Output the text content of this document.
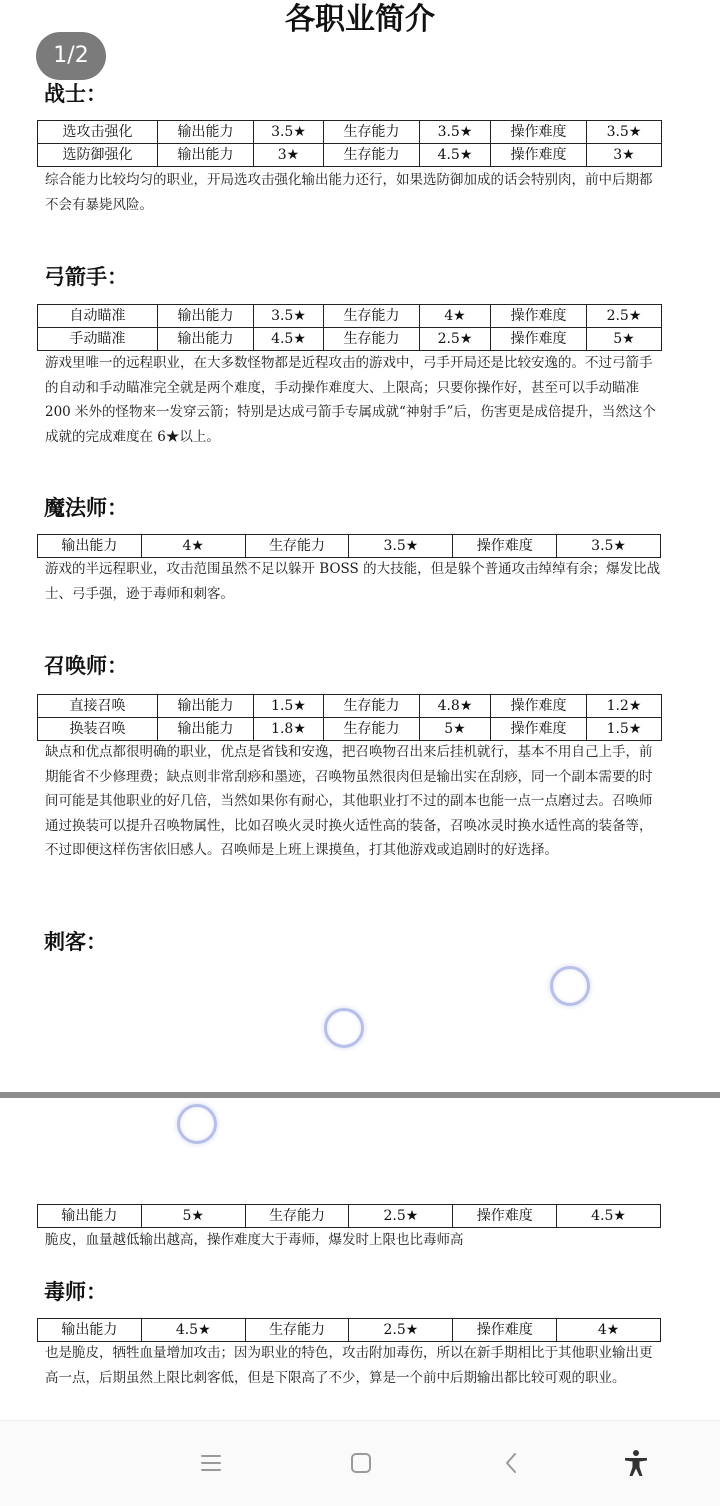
各职业简介
战士：
选攻击强化	输出能力	3.5★	生存能力	3.5★	操作难度	3.5★
选防御强化	输出能力	3★	生存能力	4.5★	操作难度	3★
综合能力比较均匀的职业，开局选攻击强化输出能力还行，如果选防御加成的话会特别肉，前中后期都不会有暴毙风险。
弓箭手：
自动瞄准	输出能力	3.5★	生存能力	4★	操作难度	2.5★
手动瞄准	输出能力	4.5★	生存能力	2.5★	操作难度	5★
游戏里唯一的远程职业，在大多数怪物都是近程攻击的游戏中，弓手开局还是比较安逸的。不过弓箭手的自动和手动瞄准完全就是两个难度，手动操作难度大、上限高；只要你操作好，甚至可以手动瞄准 200 米外的怪物来一发穿云箭；特别是达成弓箭手专属成就“神射手”后，伤害更是成倍提升，当然这个成就的完成难度在 6★以上。
魔法师：
输出能力	4★	生存能力	3.5★	操作难度	3.5★
游戏的半远程职业，攻击范围虽然不足以躲开 BOSS 的大技能，但是躲个普通攻击绰绰有余；爆发比战士、弓手强，逊于毒师和刺客。
召唤师：
直接召唤	输出能力	1.5★	生存能力	4.8★	操作难度	1.2★
换装召唤	输出能力	1.8★	生存能力	5★	操作难度	1.5★
缺点和优点都很明确的职业，优点是省钱和安逸，把召唤物召出来后挂机就行，基本不用自己上手，前期能省不少修理费；缺点则非常刮痧和墨迹，召唤物虽然很肉但是输出实在刮痧，同一个副本需要的时间可能是其他职业的好几倍，当然如果你有耐心，其他职业打不过的副本也能一点一点磨过去。召唤师通过换装可以提升召唤物属性，比如召唤火灵时换火适性高的装备，召唤冰灵时换水适性高的装备等，不过即便这样伤害依旧感人。召唤师是上班上课摸鱼，打其他游戏或追剧时的好选择。
刺客：
输出能力	5★	生存能力	2.5★	操作难度	4.5★
脆皮，血量越低输出越高，操作难度大于毒师，爆发时上限也比毒师高
毒师：
输出能力	4.5★	生存能力	2.5★	操作难度	4★
也是脆皮，牺牲血量增加攻击；因为职业的特色，攻击附加毒伤，所以在新手期相比于其他职业输出更高一点，后期虽然上限比刺客低，但是下限高了不少，算是一个前中后期输出都比较可观的职业。
1/2
